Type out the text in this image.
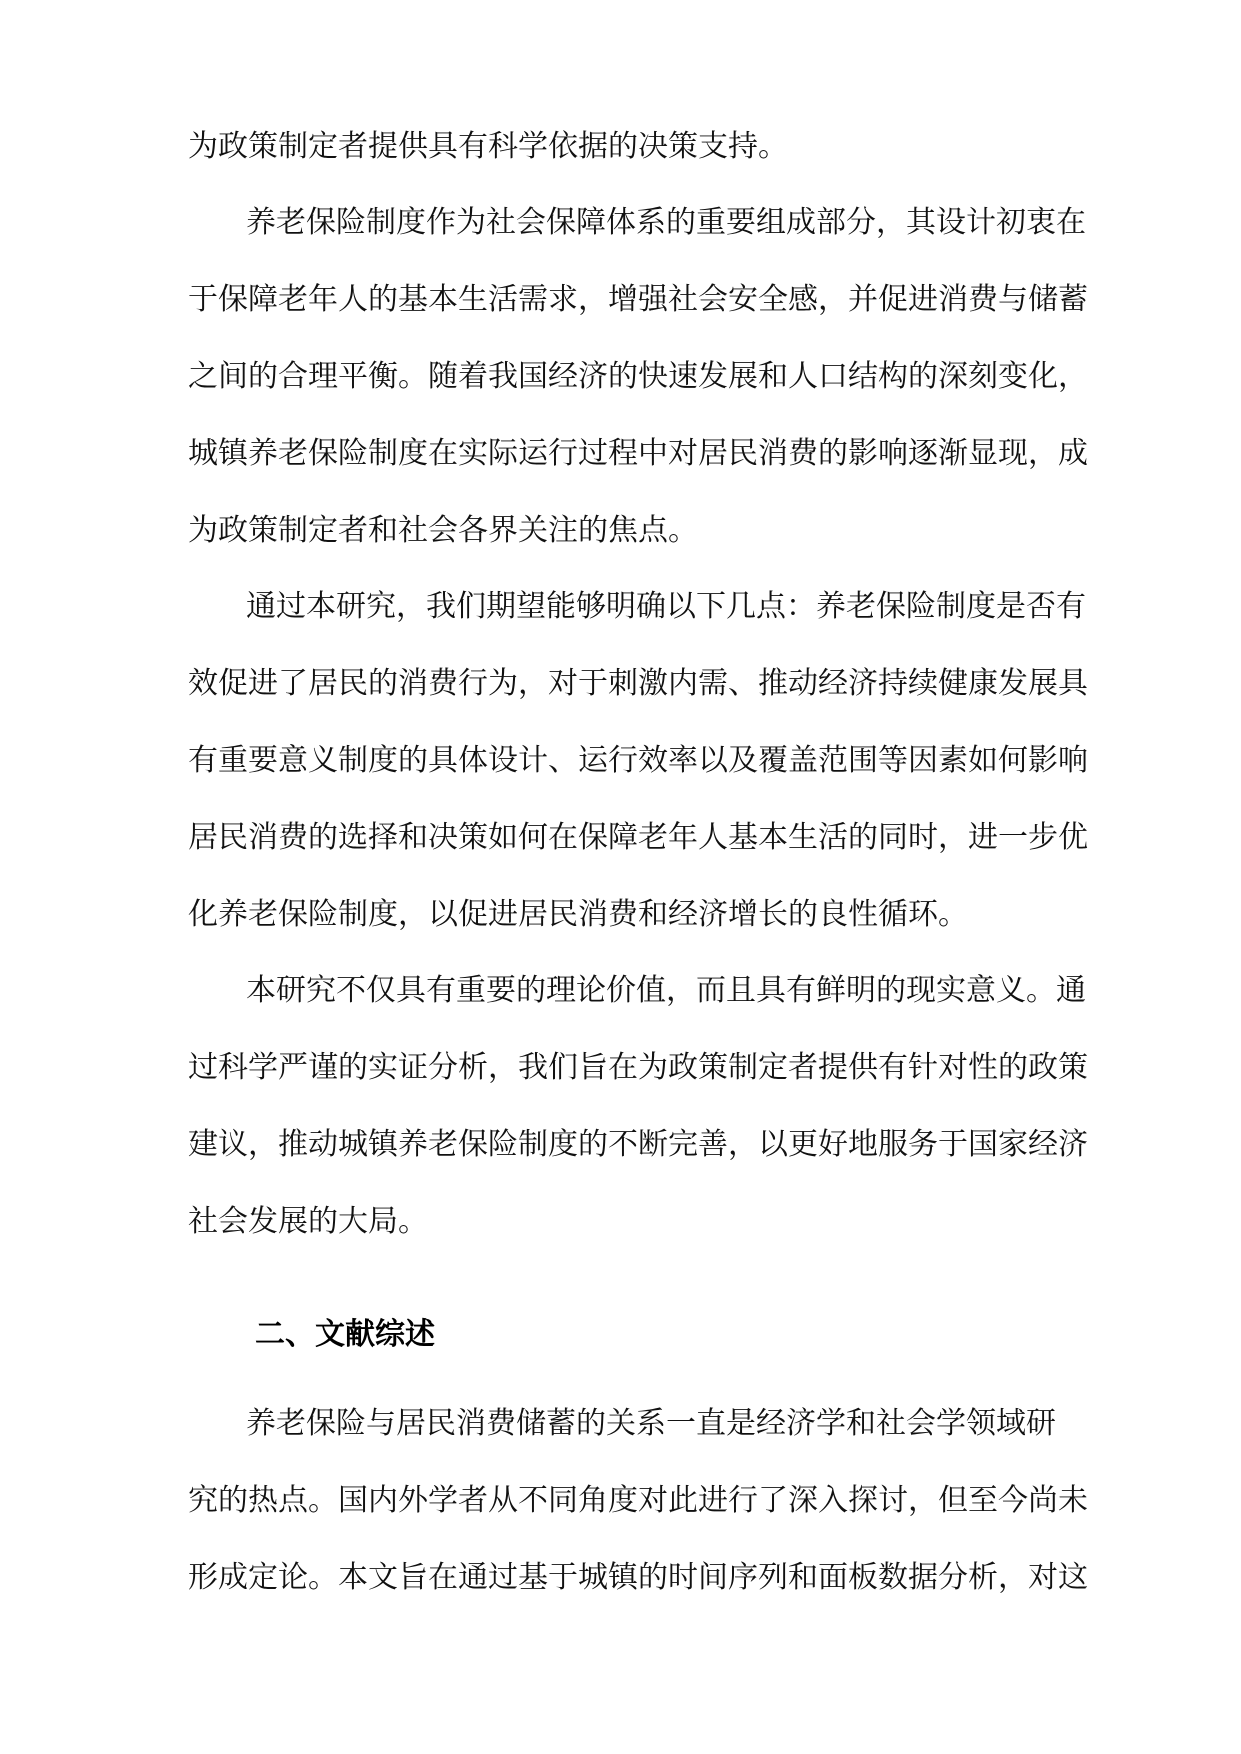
为政策制定者提供具有科学依据的决策支持。
养老保险制度作为社会保障体系的重要组成部分，其设计初衷在
于保障老年人的基本生活需求，增强社会安全感，并促进消费与储蓄
之间的合理平衡。随着我国经济的快速发展和人口结构的深刻变化，
城镇养老保险制度在实际运行过程中对居民消费的影响逐渐显现，成
为政策制定者和社会各界关注的焦点。
通过本研究，我们期望能够明确以下几点：养老保险制度是否有
效促进了居民的消费行为，对于刺激内需、推动经济持续健康发展具
有重要意义制度的具体设计、运行效率以及覆盖范围等因素如何影响
居民消费的选择和决策如何在保障老年人基本生活的同时，进一步优
化养老保险制度，以促进居民消费和经济增长的良性循环。
本研究不仅具有重要的理论价值，而且具有鲜明的现实意义。通
过科学严谨的实证分析，我们旨在为政策制定者提供有针对性的政策
建议，推动城镇养老保险制度的不断完善，以更好地服务于国家经济
社会发展的大局。
二、文献综述
养老保险与居民消费储蓄的关系一直是经济学和社会学领域研
究的热点。国内外学者从不同角度对此进行了深入探讨，但至今尚未
形成定论。本文旨在通过基于城镇的时间序列和面板数据分析，对这
